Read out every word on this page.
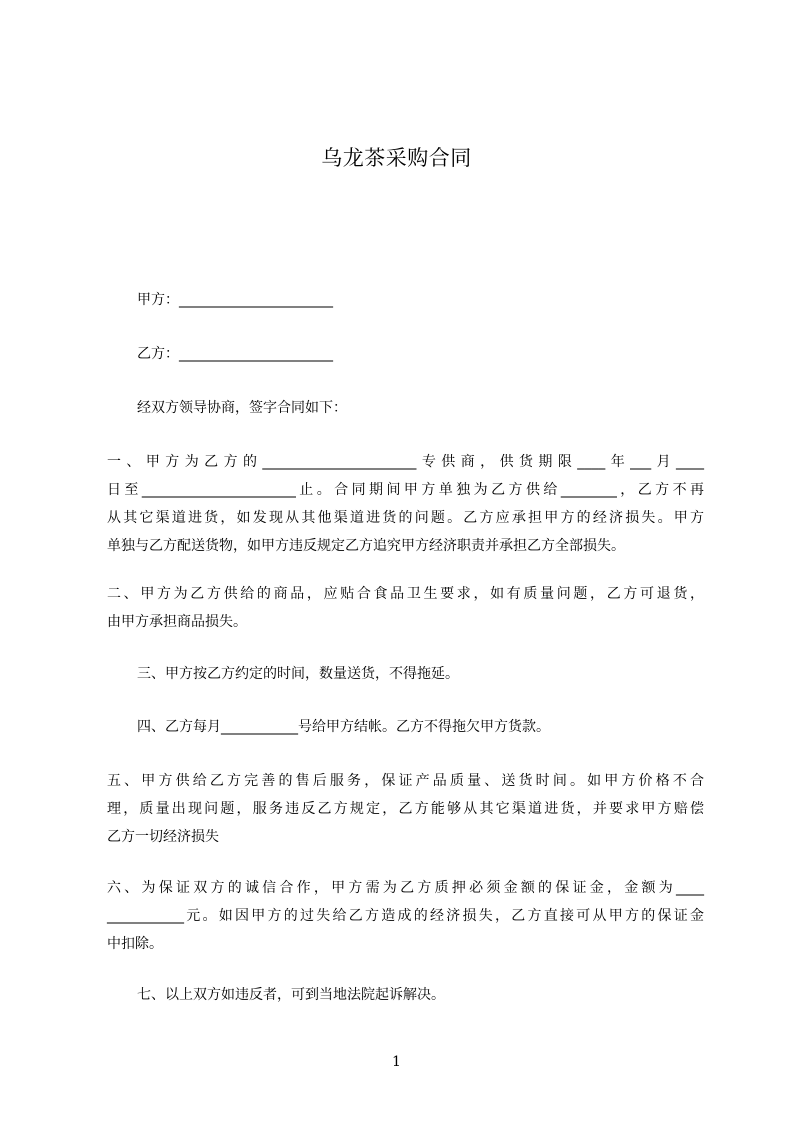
乌龙茶采购合同
甲方：______________________
乙方：______________________
经双方领导协商，签字合同如下：
一、甲方为乙方的______________________专供商，供货期限____年___月____
日至______________________止。合同期间甲方单独为乙方供给________，乙方不再
从其它渠道进货，如发现从其他渠道进货的问题。乙方应承担甲方的经济损失。甲方
单独与乙方配送货物，如甲方违反规定乙方追究甲方经济职责并承担乙方全部损失。
二、甲方为乙方供给的商品，应贴合食品卫生要求，如有质量问题，乙方可退货，
由甲方承担商品损失。
三、甲方按乙方约定的时间，数量送货，不得拖延。
四、乙方每月___________号给甲方结帐。乙方不得拖欠甲方货款。
五、甲方供给乙方完善的售后服务，保证产品质量、送货时间。如甲方价格不合
理，质量出现问题，服务违反乙方规定，乙方能够从其它渠道进货，并要求甲方赔偿
乙方一切经济损失
六、为保证双方的诚信合作，甲方需为乙方质押必须金额的保证金，金额为____
___________元。如因甲方的过失给乙方造成的经济损失，乙方直接可从甲方的保证金
中扣除。
七、以上双方如违反者，可到当地法院起诉解决。
1
